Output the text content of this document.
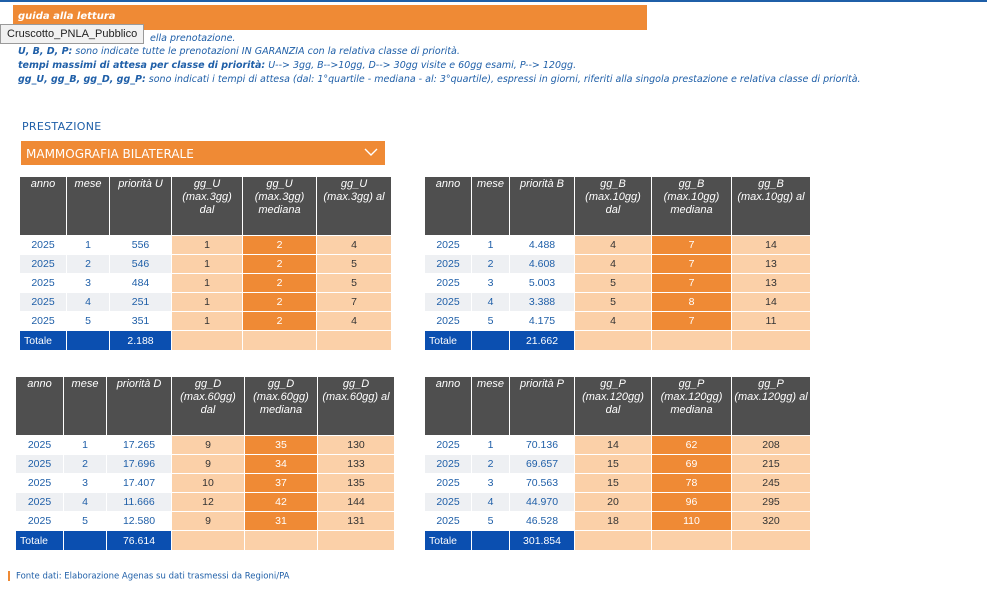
guida alla lettura
Cruscotto_PNLA_Pubblico	ella prenotazione.
U, B, D, P: sono indicate tutte le prenotazioni IN GARANZIA con la relativa classe di priorità.
tempi massimi di attesa per classe di priorità: U--> 3gg, B-->10gg, D--> 30gg visite e 60gg esami, P--> 120gg.
gg_U, gg_B, gg_D, gg_P: sono indicati i tempi di attesa (dal: 1°quartile - mediana - al: 3°quartile), espressi in giorni, riferiti alla singola prestazione e relativa classe di priorità.
PRESTAZIONE
MAMMOGRAFIA BILATERALE
anno	mese	priorità U	gg_U (max.3gg) dal	gg_U (max.3gg) mediana	gg_U (max.3gg) al
2025	1	556	1	2	4
2025	2	546	1	2	5
2025	3	484	1	2	5
2025	4	251	1	2	7
2025	5	351	1	2	4
Totale		2.188			
anno	mese	priorità B	gg_B (max.10gg) dal	gg_B (max.10gg) mediana	gg_B (max.10gg) al
2025	1	4.488	4	7	14
2025	2	4.608	4	7	13
2025	3	5.003	5	7	13
2025	4	3.388	5	8	14
2025	5	4.175	4	7	11
Totale		21.662			
anno	mese	priorità D	gg_D (max.60gg) dal	gg_D (max.60gg) mediana	gg_D (max.60gg) al
2025	1	17.265	9	35	130
2025	2	17.696	9	34	133
2025	3	17.407	10	37	135
2025	4	11.666	12	42	144
2025	5	12.580	9	31	131
Totale		76.614			
anno	mese	priorità P	gg_P (max.120gg) dal	gg_P (max.120gg) mediana	gg_P (max.120gg) al
2025	1	70.136	14	62	208
2025	2	69.657	15	69	215
2025	3	70.563	15	78	245
2025	4	44.970	20	96	295
2025	5	46.528	18	110	320
Totale		301.854			
Fonte dati: Elaborazione Agenas su dati trasmessi da Regioni/PA
